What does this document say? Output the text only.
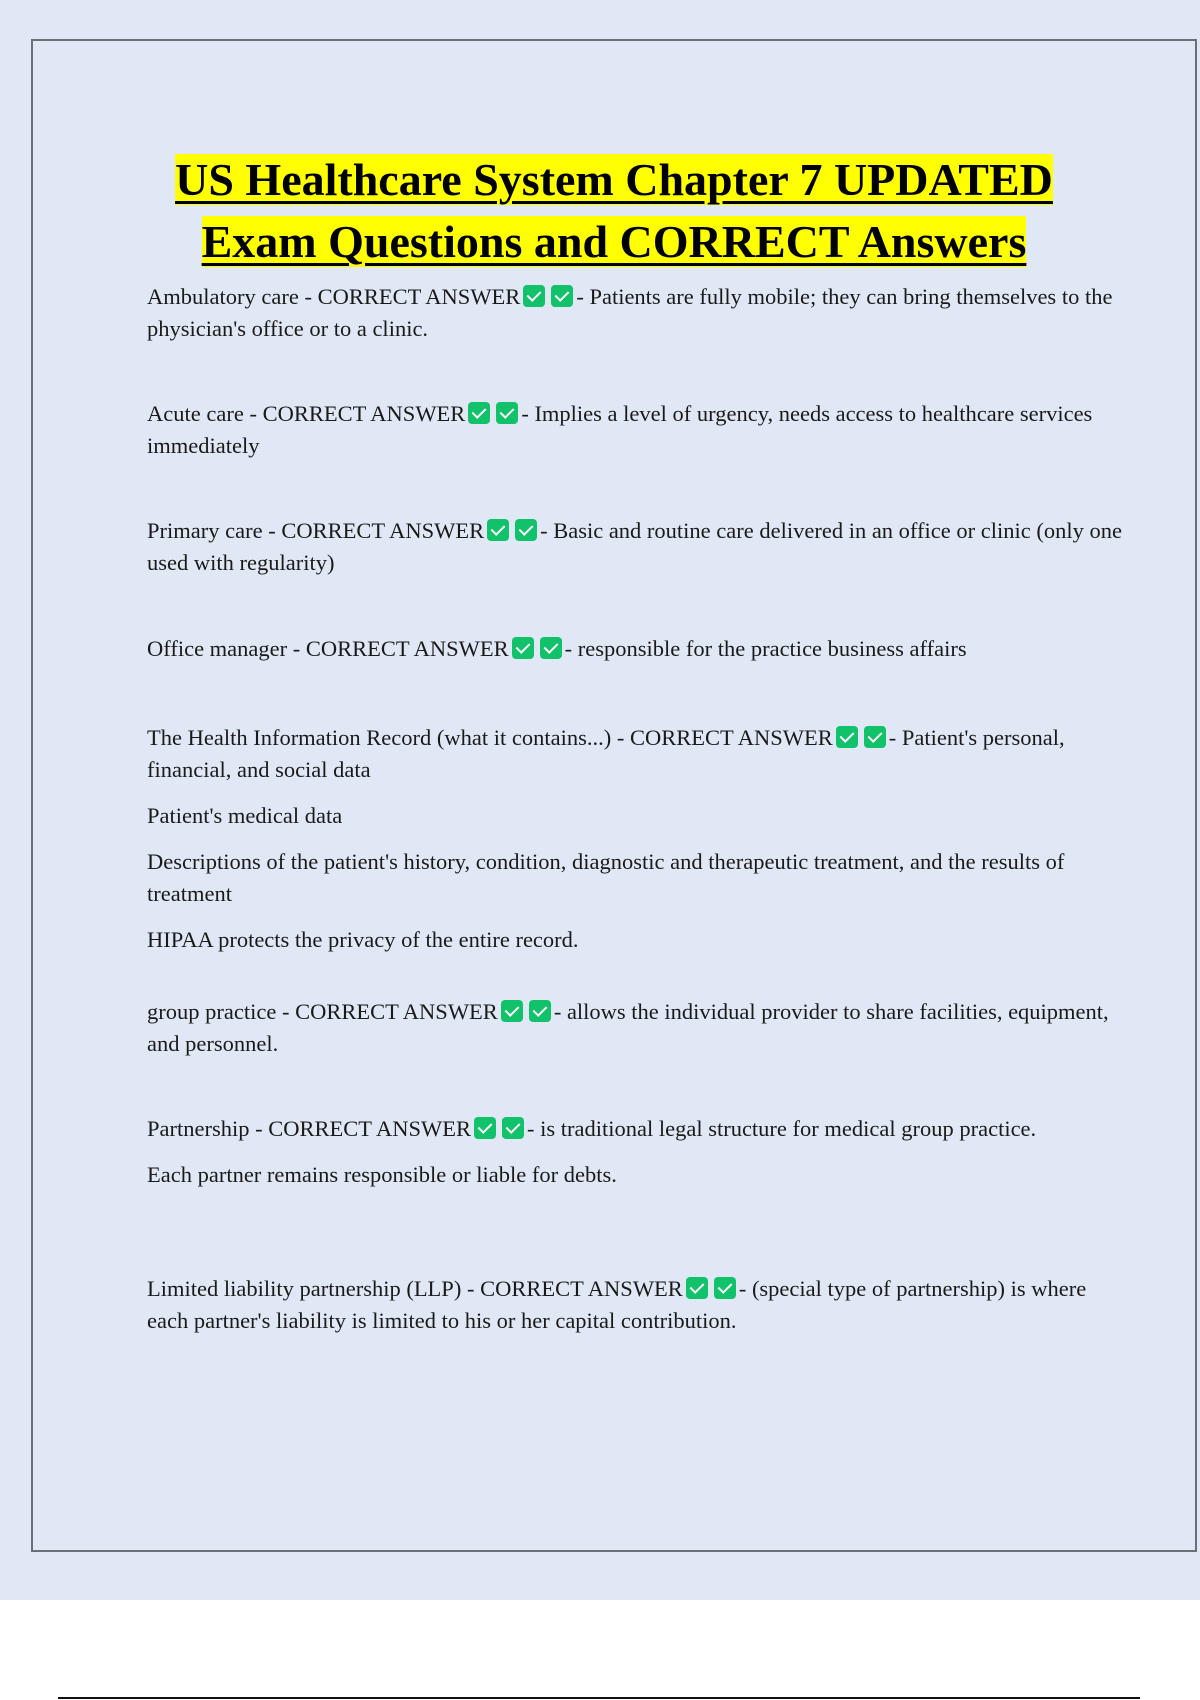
US Healthcare System Chapter 7 UPDATED
Exam Questions and CORRECT Answers

Ambulatory care - CORRECT ANSWER - Patients are fully mobile; they can bring themselves to the physician's office or to a clinic.

Acute care - CORRECT ANSWER - Implies a level of urgency, needs access to healthcare services immediately

Primary care - CORRECT ANSWER - Basic and routine care delivered in an office or clinic (only one used with regularity)

Office manager - CORRECT ANSWER - responsible for the practice business affairs

The Health Information Record (what it contains...) - CORRECT ANSWER - Patient's personal, financial, and social data

Patient's medical data

Descriptions of the patient's history, condition, diagnostic and therapeutic treatment, and the results of treatment

HIPAA protects the privacy of the entire record.

group practice - CORRECT ANSWER - allows the individual provider to share facilities, equipment, and personnel.

Partnership - CORRECT ANSWER - is traditional legal structure for medical group practice.

Each partner remains responsible or liable for debts.

Limited liability partnership (LLP) - CORRECT ANSWER - (special type of partnership) is where each partner's liability is limited to his or her capital contribution.
